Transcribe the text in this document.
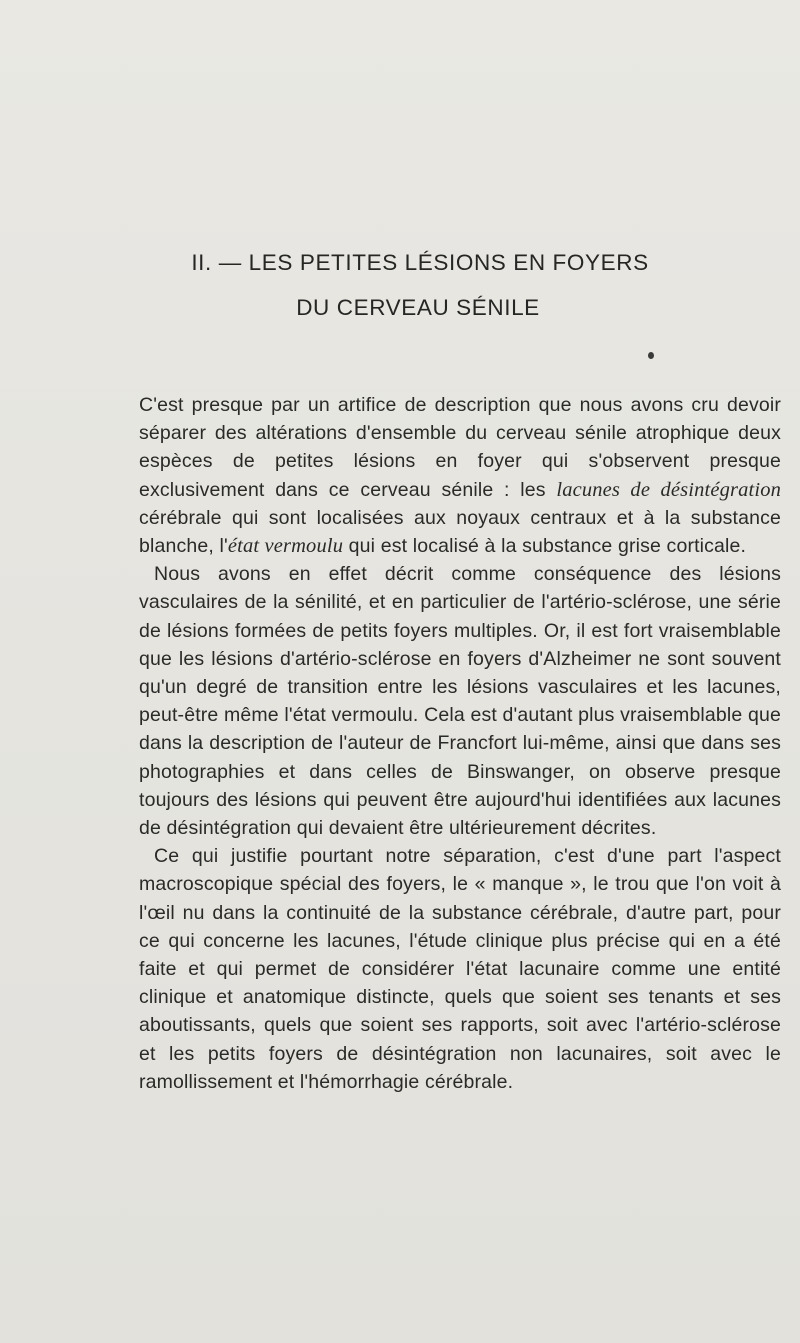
II. — LES PETITES LÉSIONS EN FOYERS
DU CERVEAU SÉNILE

C'est presque par un artifice de description que nous avons cru devoir séparer des altérations d'ensemble du cerveau sénile atrophique deux espèces de petites lésions en foyer qui s'observent presque exclusivement dans ce cerveau sénile : les lacunes de désintégration cérébrale qui sont localisées aux noyaux centraux et à la substance blanche, l'état vermoulu qui est localisé à la substance grise corticale.

Nous avons en effet décrit comme conséquence des lésions vasculaires de la sénilité, et en particulier de l'artério-sclérose, une série de lésions formées de petits foyers multiples. Or, il est fort vraisemblable que les lésions d'artério-sclérose en foyers d'Alzheimer ne sont souvent qu'un degré de transition entre les lésions vasculaires et les lacunes, peut-être même l'état vermoulu. Cela est d'autant plus vraisemblable que dans la description de l'auteur de Francfort lui-même, ainsi que dans ses photographies et dans celles de Binswanger, on observe presque toujours des lésions qui peuvent être aujourd'hui identifiées aux lacunes de désintégration qui devaient être ultérieurement décrites.

Ce qui justifie pourtant notre séparation, c'est d'une part l'aspect macroscopique spécial des foyers, le « manque », le trou que l'on voit à l'œil nu dans la continuité de la substance cérébrale, d'autre part, pour ce qui concerne les lacunes, l'étude clinique plus précise qui en a été faite et qui permet de considérer l'état lacunaire comme une entité clinique et anatomique distincte, quels que soient ses tenants et ses aboutissants, quels que soient ses rapports, soit avec l'artério-sclérose et les petits foyers de désintégration non lacunaires, soit avec le ramollissement et l'hémorrhagie cérébrale.
